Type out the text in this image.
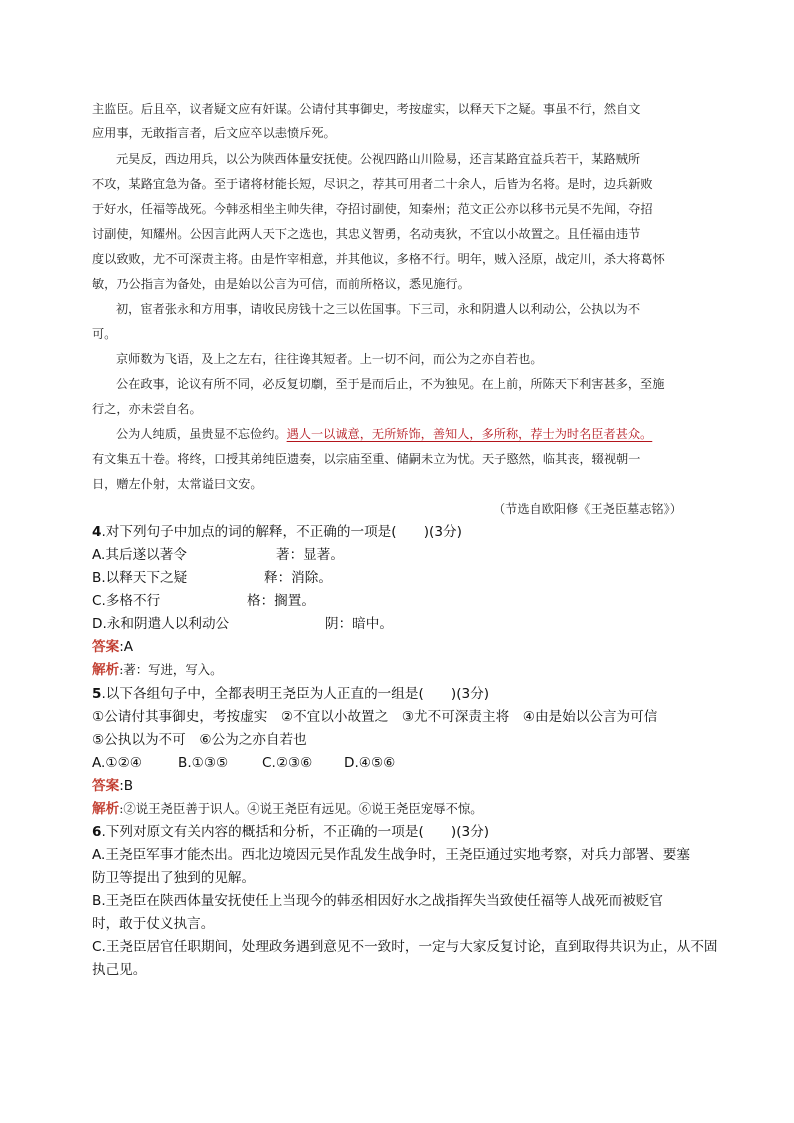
主监臣。后且卒，议者疑文应有奸谋。公请付其事御史，考按虚实，以释天下之疑。事虽不行，然自文
应用事，无敢指言者，后文应卒以恚愤斥死。
元昊反，西边用兵，以公为陕西体量安抚使。公视四路山川险易，还言某路宜益兵若干，某路贼所
不攻，某路宜急为备。至于诸将材能长短，尽识之，荐其可用者二十余人，后皆为名将。是时，边兵新败
于好水，任福等战死。今韩丞相坐主帅失律，夺招讨副使，知秦州；范文正公亦以移书元昊不先闻，夺招
讨副使，知耀州。公因言此两人天下之选也，其忠义智勇，名动夷狄，不宜以小故置之。且任福由违节
度以致败，尤不可深责主将。由是忤宰相意，并其他议，多格不行。明年，贼入泾原，战定川，杀大将葛怀
敏，乃公指言为备处，由是始以公言为可信，而前所格议，悉见施行。
初，宦者张永和方用事，请收民房钱十之三以佐国事。下三司，永和阴遣人以利动公，公执以为不
可。
京师数为飞语，及上之左右，往往谗其短者。上一切不问，而公为之亦自若也。
公在政事，论议有所不同，必反复切劘，至于是而后止，不为独见。在上前，所陈天下利害甚多，至施
行之，亦未尝自名。
公为人纯质，虽贵显不忘俭约。遇人一以诚意，无所矫饰，善知人，多所称，荐士为时名臣者甚众。
有文集五十卷。将终，口授其弟纯臣遗奏，以宗庙至重、储嗣未立为忧。天子愍然，临其丧，辍视朝一
日，赠左仆射，太常谥曰文安。
（节选自欧阳修《王尧臣墓志铭》）
4.对下列句子中加点的词的解释，不正确的一项是(　　)(3分)
A.其后遂以著令	著：显著。
B.以释天下之疑	释：消除。
C.多格不行	格：搁置。
D.永和阴遣人以利动公	阴：暗中。
答案:A
解析:著：写进，写入。
5.以下各组句子中，全都表明王尧臣为人正直的一组是(　　)(3分)
①公请付其事御史，考按虚实　②不宜以小故置之　③尤不可深责主将　④由是始以公言为可信
⑤公执以为不可　⑥公为之亦自若也
A.①②④	B.①③⑤ C.②③⑥ D.④⑤⑥
答案:B
解析:②说王尧臣善于识人。④说王尧臣有远见。⑥说王尧臣宠辱不惊。
6.下列对原文有关内容的概括和分析，不正确的一项是(　　)(3分)
A.王尧臣军事才能杰出。西北边境因元昊作乱发生战争时，王尧臣通过实地考察，对兵力部署、要塞
防卫等提出了独到的见解。
B.王尧臣在陕西体量安抚使任上当现今的韩丞相因好水之战指挥失当致使任福等人战死而被贬官
时，敢于仗义执言。
C.王尧臣居官任职期间，处理政务遇到意见不一致时，一定与大家反复讨论，直到取得共识为止，从不固
执己见。
